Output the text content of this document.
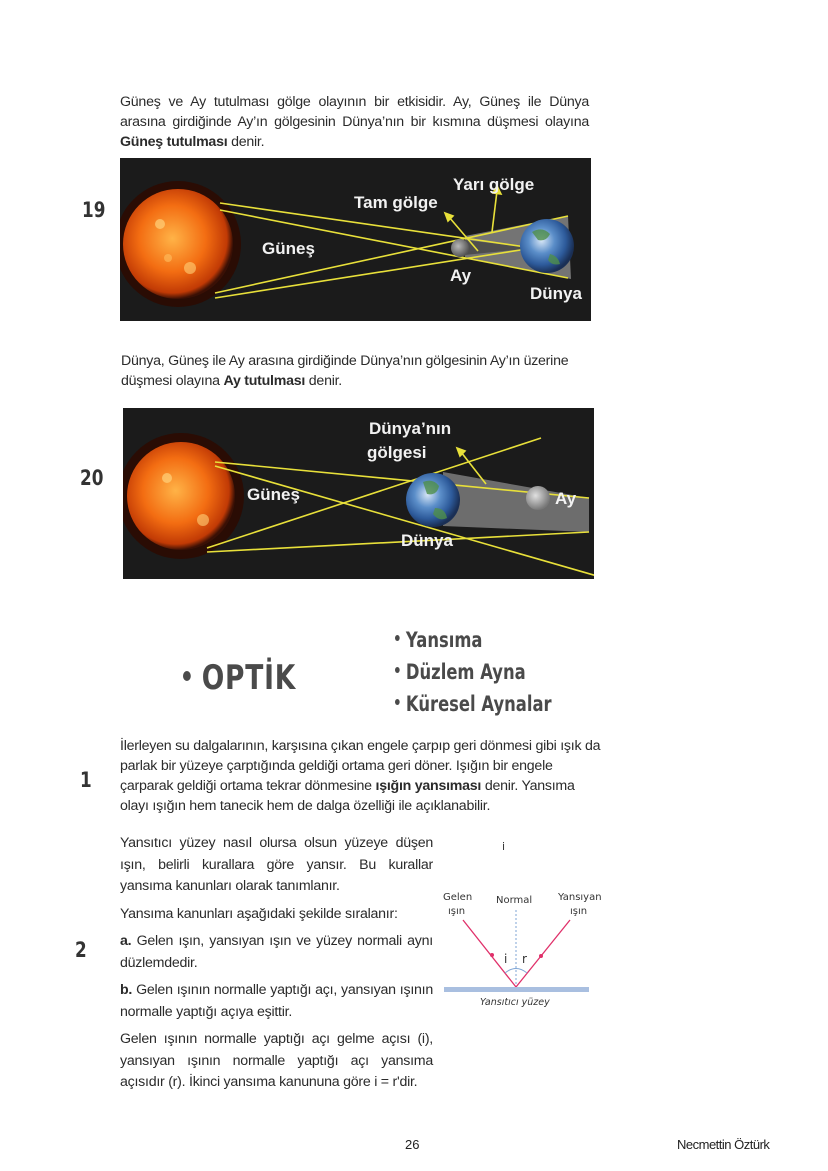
19
Güneş ve Ay tutulması gölge olayının bir etkisidir. Ay, Güneş ile Dünya arasına girdiğinde Ay’ın gölgesinin Dünya’nın bir kısmına düşmesi olayına Güneş tutulması denir.
Güneş
Tam gölge
Yarı gölge
Ay
Dünya
20
Dünya, Güneş ile Ay arasına girdiğinde Dünya’nın gölgesinin Ay’ın üzerine düşmesi olayına Ay tutulması denir.
Dünya’nın
gölgesi
Güneş
Dünya
Ay
OPTİK
Yansıma
Düzlem Ayna
Küresel Aynalar
1
İlerleyen su dalgalarının, karşısına çıkan engele çarpıp geri dönmesi gibi ışık da parlak bir yüzeye çarptığında geldiği ortama geri döner. Işığın bir engele çarparak geldiği ortama tekrar dönmesine ışığın yansıması denir. Yansıma olayı ışığın hem tanecik hem de dalga özelliği ile açıklanabilir.
2
Yansıtıcı yüzey nasıl olursa olsun yüzeye düşen ışın, belirli kurallara göre yansır. Bu kurallar yansıma kanunları olarak tanımlanır.
Yansıma kanunları aşağıdaki şekilde sıralanır:
a. Gelen ışın, yansıyan ışın ve yüzey normali aynı düzlemdedir.
b. Gelen ışının normalle yaptığı açı, yansıyan ışının normalle yaptığı açıya eşittir.
Gelen ışının normalle yaptığı açı gelme açısı (i), yansıyan ışının normalle yaptığı açı yansıma açısıdır (r). İkinci yansıma kanununa göre i = r'dir.
i
Gelen
ışın
Normal	Yansıyan
ışın
i r
Yansıtıcı yüzey
26	Necmettin Öztürk
